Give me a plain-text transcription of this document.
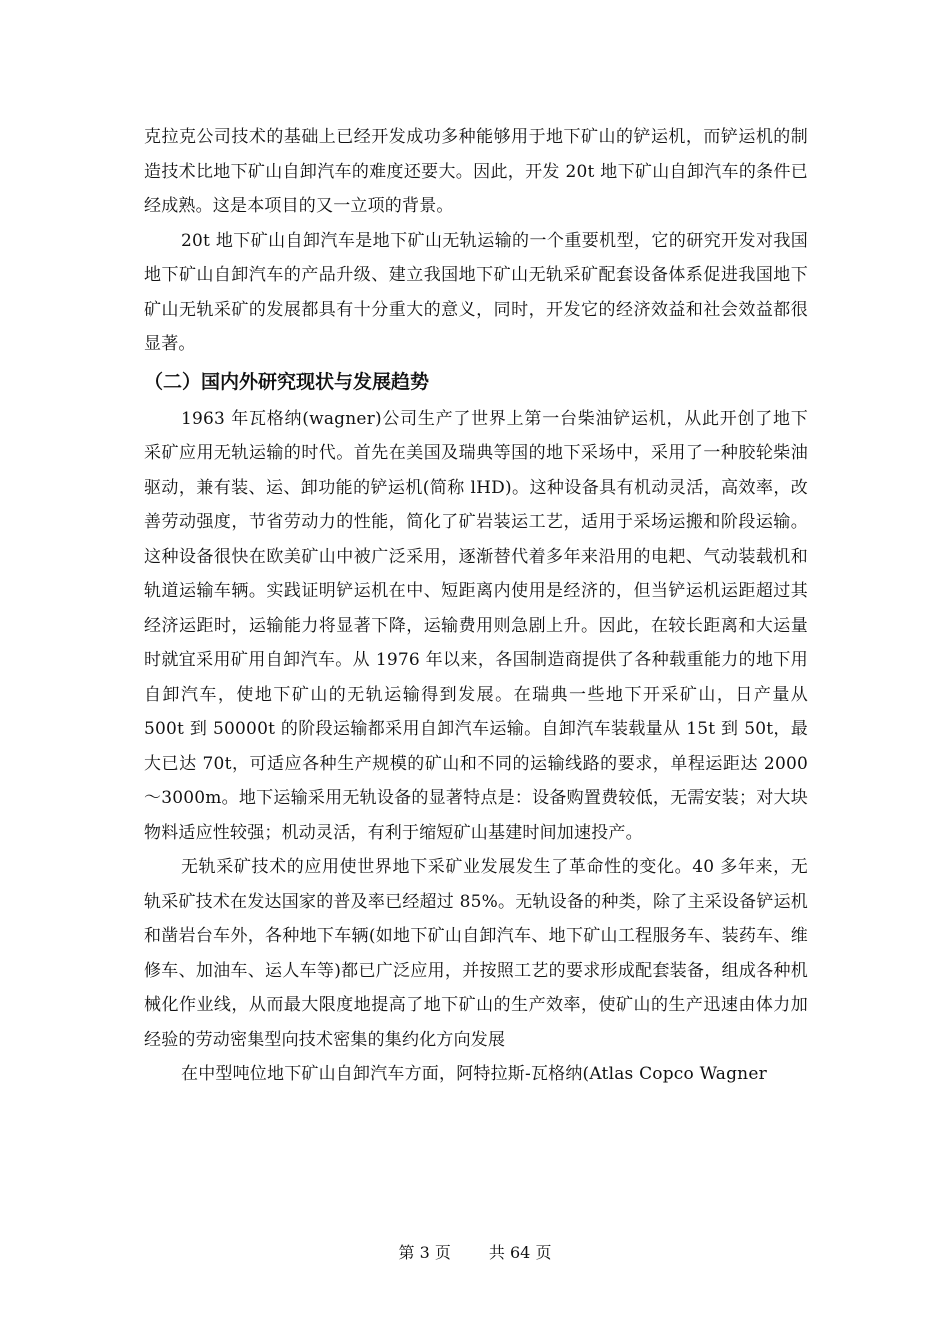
克拉克公司技术的基础上已经开发成功多种能够用于地下矿山的铲运机，而铲运机的制造技术比地下矿山自卸汽车的难度还要大。因此，开发 20t 地下矿山自卸汽车的条件已经成熟。这是本项目的又一立项的背景。

20t 地下矿山自卸汽车是地下矿山无轨运输的一个重要机型，它的研究开发对我国地下矿山自卸汽车的产品升级、建立我国地下矿山无轨采矿配套设备体系促进我国地下矿山无轨采矿的发展都具有十分重大的意义，同时，开发它的经济效益和社会效益都很显著。

（二）国内外研究现状与发展趋势

1963 年瓦格纳(wagner)公司生产了世界上第一台柴油铲运机，从此开创了地下采矿应用无轨运输的时代。首先在美国及瑞典等国的地下采场中，采用了一种胶轮柴油驱动，兼有装、运、卸功能的铲运机(简称 lHD)。这种设备具有机动灵活，高效率，改善劳动强度，节省劳动力的性能，简化了矿岩装运工艺，适用于采场运搬和阶段运输。这种设备很快在欧美矿山中被广泛采用，逐渐替代着多年来沿用的电耙、气动装载机和轨道运输车辆。实践证明铲运机在中、短距离内使用是经济的，但当铲运机运距超过其经济运距时，运输能力将显著下降，运输费用则急剧上升。因此，在较长距离和大运量时就宜采用矿用自卸汽车。从 1976 年以来，各国制造商提供了各种载重能力的地下用自卸汽车，使地下矿山的无轨运输得到发展。在瑞典一些地下开采矿山，日产量从 500t 到 50000t 的阶段运输都采用自卸汽车运输。自卸汽车装载量从 15t 到 50t，最大已达 70t，可适应各种生产规模的矿山和不同的运输线路的要求，单程运距达 2000～3000m。地下运输采用无轨设备的显著特点是：设备购置费较低，无需安装；对大块物料适应性较强；机动灵活，有利于缩短矿山基建时间加速投产。

无轨采矿技术的应用使世界地下采矿业发展发生了革命性的变化。40 多年来，无轨采矿技术在发达国家的普及率已经超过 85%。无轨设备的种类，除了主采设备铲运机和凿岩台车外，各种地下车辆(如地下矿山自卸汽车、地下矿山工程服务车、装药车、维修车、加油车、运人车等)都已广泛应用，并按照工艺的要求形成配套装备，组成各种机械化作业线，从而最大限度地提高了地下矿山的生产效率，使矿山的生产迅速由体力加经验的劳动密集型向技术密集的集约化方向发展

在中型吨位地下矿山自卸汽车方面，阿特拉斯-瓦格纳(Atlas Copco Wagner

第 3 页 共 64 页
